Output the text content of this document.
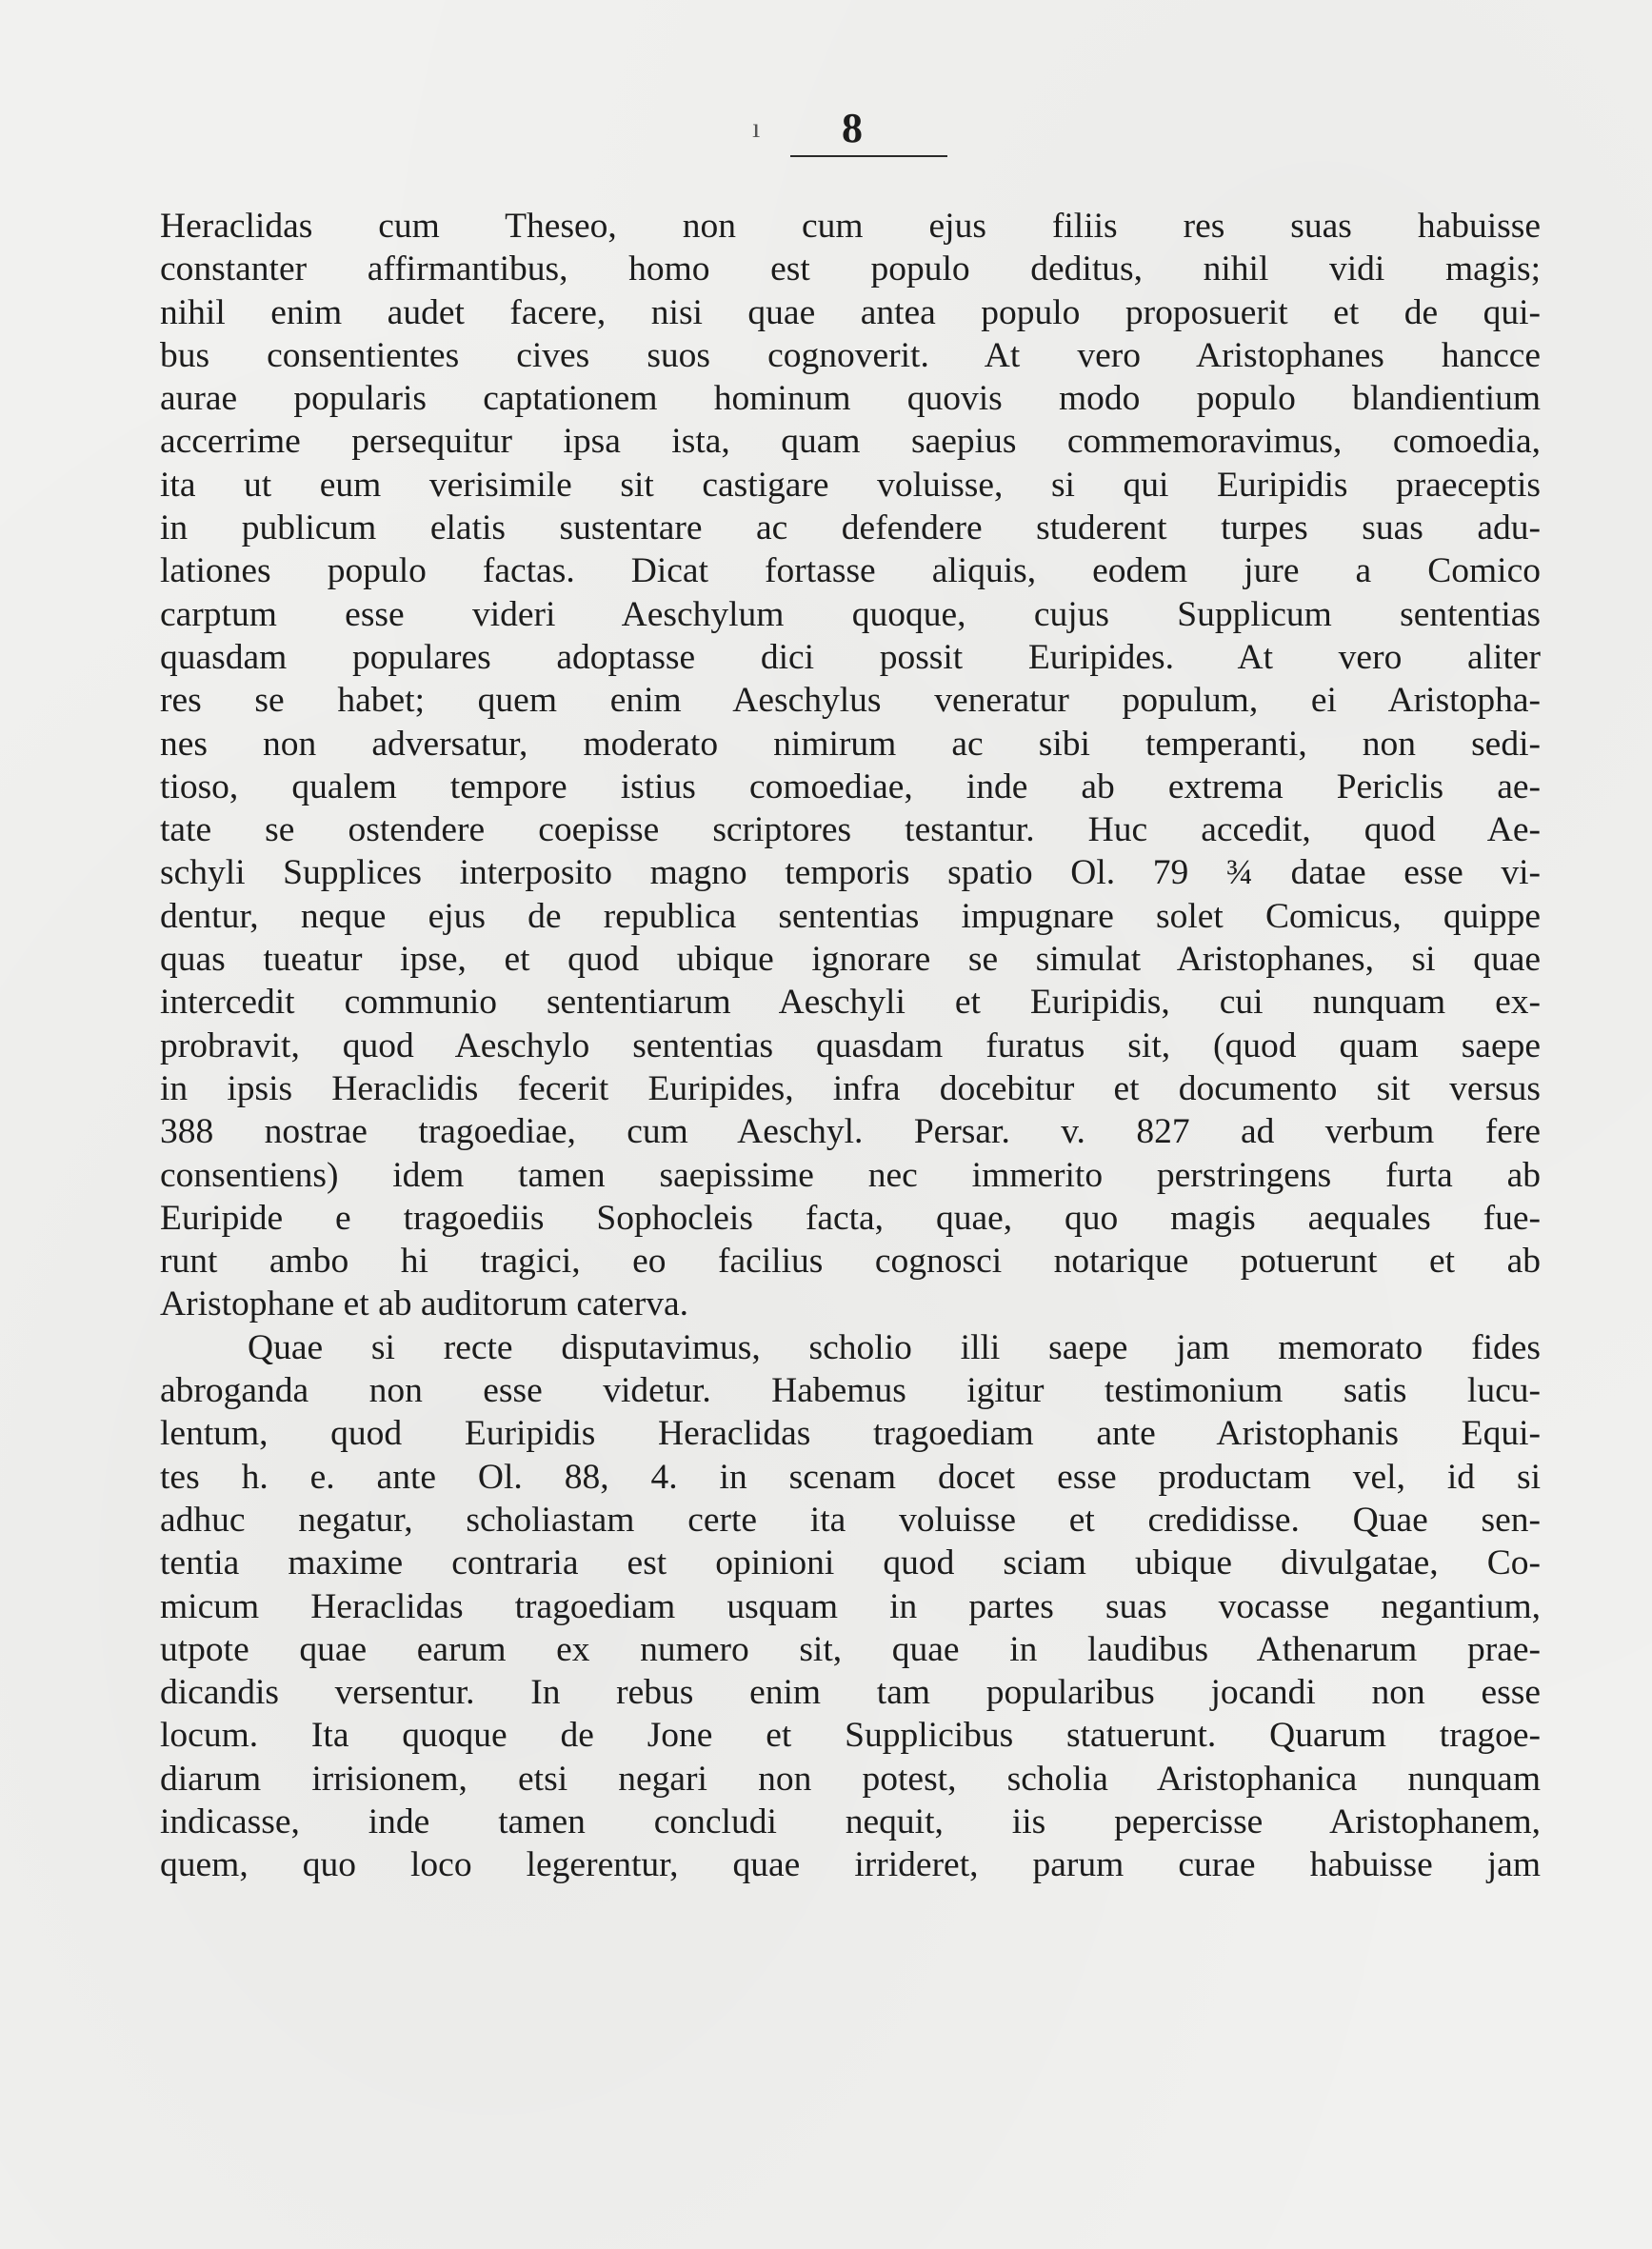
ı 8
Heraclidas cum Theseo, non cum ejus filiis res suas habuisse
constanter affirmantibus, homo est populo deditus, nihil vidi magis;
nihil enim audet facere, nisi quae antea populo proposuerit et de qui-
bus consentientes cives suos cognoverit. At vero Aristophanes hancce
aurae popularis captationem hominum quovis modo populo blandientium
accerrime persequitur ipsa ista, quam saepius commemoravimus, comoedia,
ita ut eum verisimile sit castigare voluisse, si qui Euripidis praeceptis
in publicum elatis sustentare ac defendere studerent turpes suas adu-
lationes populo factas. Dicat fortasse aliquis, eodem jure a Comico
carptum esse videri Aeschylum quoque, cujus Supplicum sententias
quasdam populares adoptasse dici possit Euripides. At vero aliter
res se habet; quem enim Aeschylus veneratur populum, ei Aristopha-
nes non adversatur, moderato nimirum ac sibi temperanti, non sedi-
tioso, qualem tempore istius comoediae, inde ab extrema Periclis ae-
tate se ostendere coepisse scriptores testantur. Huc accedit, quod Ae-
schyli Supplices interposito magno temporis spatio Ol. 79 ¾ datae esse vi-
dentur, neque ejus de republica sententias impugnare solet Comicus, quippe
quas tueatur ipse, et quod ubique ignorare se simulat Aristophanes, si quae
intercedit communio sententiarum Aeschyli et Euripidis, cui nunquam ex-
probravit, quod Aeschylo sententias quasdam furatus sit, (quod quam saepe
in ipsis Heraclidis fecerit Euripides, infra docebitur et documento sit versus
388 nostrae tragoediae, cum Aeschyl. Persar. v. 827 ad verbum fere
consentiens) idem tamen saepissime nec immerito perstringens furta ab
Euripide e tragoediis Sophocleis facta, quae, quo magis aequales fue-
runt ambo hi tragici, eo facilius cognosci notarique potuerunt et ab
Aristophane et ab auditorum caterva.
Quae si recte disputavimus, scholio illi saepe jam memorato fides
abroganda non esse videtur. Habemus igitur testimonium satis lucu-
lentum, quod Euripidis Heraclidas tragoediam ante Aristophanis Equi-
tes h. e. ante Ol. 88, 4. in scenam docet esse productam vel, id si
adhuc negatur, scholiastam certe ita voluisse et credidisse. Quae sen-
tentia maxime contraria est opinioni quod sciam ubique divulgatae, Co-
micum Heraclidas tragoediam usquam in partes suas vocasse negantium,
utpote quae earum ex numero sit, quae in laudibus Athenarum prae-
dicandis versentur. In rebus enim tam popularibus jocandi non esse
locum. Ita quoque de Jone et Supplicibus statuerunt. Quarum tragoe-
diarum irrisionem, etsi negari non potest, scholia Aristophanica nunquam
indicasse, inde tamen concludi nequit, iis pepercisse Aristophanem,
quem, quo loco legerentur, quae irrideret, parum curae habuisse jam
